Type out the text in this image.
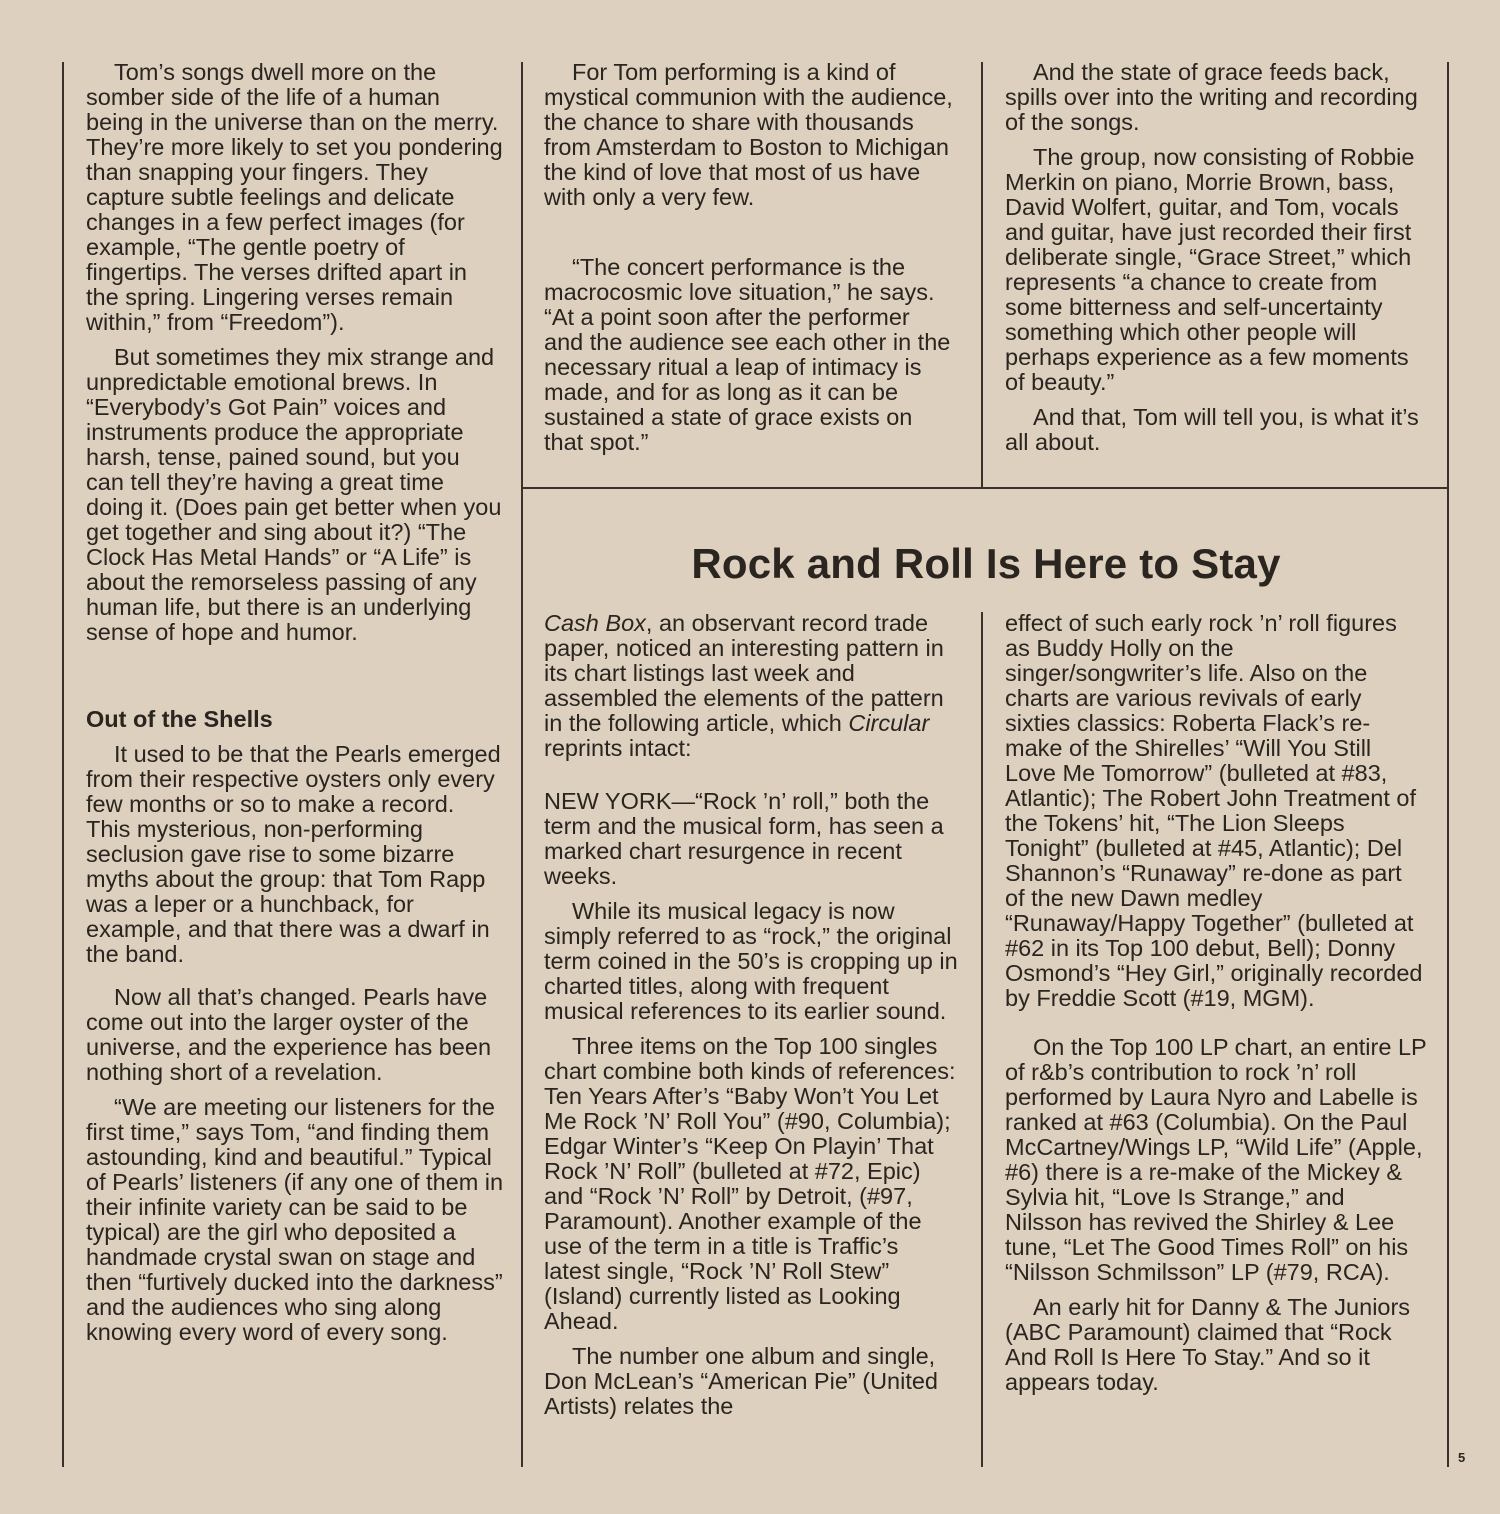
Tom’s songs dwell more on the somber side of the life of a human being in the universe than on the merry. They’re more likely to set you pondering than snapping your fingers. They capture subtle feelings and delicate changes in a few perfect images (for example, “The gentle poetry of fingertips. The verses drifted apart in the spring. Lingering verses remain within,” from “Freedom”).

But sometimes they mix strange and unpredictable emotional brews. In “Everybody’s Got Pain” voices and instruments produce the appropriate harsh, tense, pained sound, but you can tell they’re having a great time doing it. (Does pain get better when you get together and sing about it?) “The Clock Has Metal Hands” or “A Life” is about the remorseless passing of any human life, but there is an underlying sense of hope and humor.

Out of the Shells

It used to be that the Pearls emerged from their respective oysters only every few months or so to make a record. This mysterious, non-performing seclusion gave rise to some bizarre myths about the group: that Tom Rapp was a leper or a hunchback, for example, and that there was a dwarf in the band.

Now all that’s changed. Pearls have come out into the larger oyster of the universe, and the experience has been nothing short of a revelation.

“We are meeting our listeners for the first time,” says Tom, “and finding them astounding, kind and beautiful.” Typical of Pearls’ listeners (if any one of them in their infinite variety can be said to be typical) are the girl who deposited a handmade crystal swan on stage and then “furtively ducked into the darkness” and the audiences who sing along knowing every word of every song.

For Tom performing is a kind of mystical communion with the audience, the chance to share with thousands from Amsterdam to Boston to Michigan the kind of love that most of us have with only a very few.

“The concert performance is the macrocosmic love situation,” he says. “At a point soon after the performer and the audience see each other in the necessary ritual a leap of intimacy is made, and for as long as it can be sustained a state of grace exists on that spot.”

And the state of grace feeds back, spills over into the writing and recording of the songs.

The group, now consisting of Robbie Merkin on piano, Morrie Brown, bass, David Wolfert, guitar, and Tom, vocals and guitar, have just recorded their first deliberate single, “Grace Street,” which represents “a chance to create from some bitterness and self-uncertainty something which other people will perhaps experience as a few moments of beauty.”

And that, Tom will tell you, is what it’s all about.

Rock and Roll Is Here to Stay

Cash Box, an observant record trade paper, noticed an interesting pattern in its chart listings last week and assembled the elements of the pattern in the following article, which Circular reprints intact:

NEW YORK—“Rock ’n’ roll,” both the term and the musical form, has seen a marked chart resurgence in recent weeks.

While its musical legacy is now simply referred to as “rock,” the original term coined in the 50’s is cropping up in charted titles, along with frequent musical references to its earlier sound.

Three items on the Top 100 singles chart combine both kinds of references: Ten Years After’s “Baby Won’t You Let Me Rock ’N’ Roll You” (#90, Columbia); Edgar Winter’s “Keep On Playin’ That Rock ’N’ Roll” (bulleted at #72, Epic) and “Rock ’N’ Roll” by Detroit, (#97, Paramount). Another example of the use of the term in a title is Traffic’s latest single, “Rock ’N’ Roll Stew” (Island) currently listed as Looking Ahead.

The number one album and single, Don McLean’s “American Pie” (United Artists) relates the

effect of such early rock ’n’ roll figures as Buddy Holly on the singer/songwriter’s life. Also on the charts are various revivals of early sixties classics: Roberta Flack’s re-make of the Shirelles’ “Will You Still Love Me Tomorrow” (bulleted at #83, Atlantic); The Robert John Treatment of the Tokens’ hit, “The Lion Sleeps Tonight” (bulleted at #45, Atlantic); Del Shannon’s “Runaway” re-done as part of the new Dawn medley “Runaway/Happy Together” (bulleted at #62 in its Top 100 debut, Bell); Donny Osmond’s “Hey Girl,” originally recorded by Freddie Scott (#19, MGM).

On the Top 100 LP chart, an entire LP of r&b’s contribution to rock ’n’ roll performed by Laura Nyro and Labelle is ranked at #63 (Columbia). On the Paul McCartney/Wings LP, “Wild Life” (Apple, #6) there is a re-make of the Mickey & Sylvia hit, “Love Is Strange,” and Nilsson has revived the Shirley & Lee tune, “Let The Good Times Roll” on his “Nilsson Schmilsson” LP (#79, RCA).

An early hit for Danny & The Juniors (ABC Paramount) claimed that “Rock And Roll Is Here To Stay.” And so it appears today.

5
